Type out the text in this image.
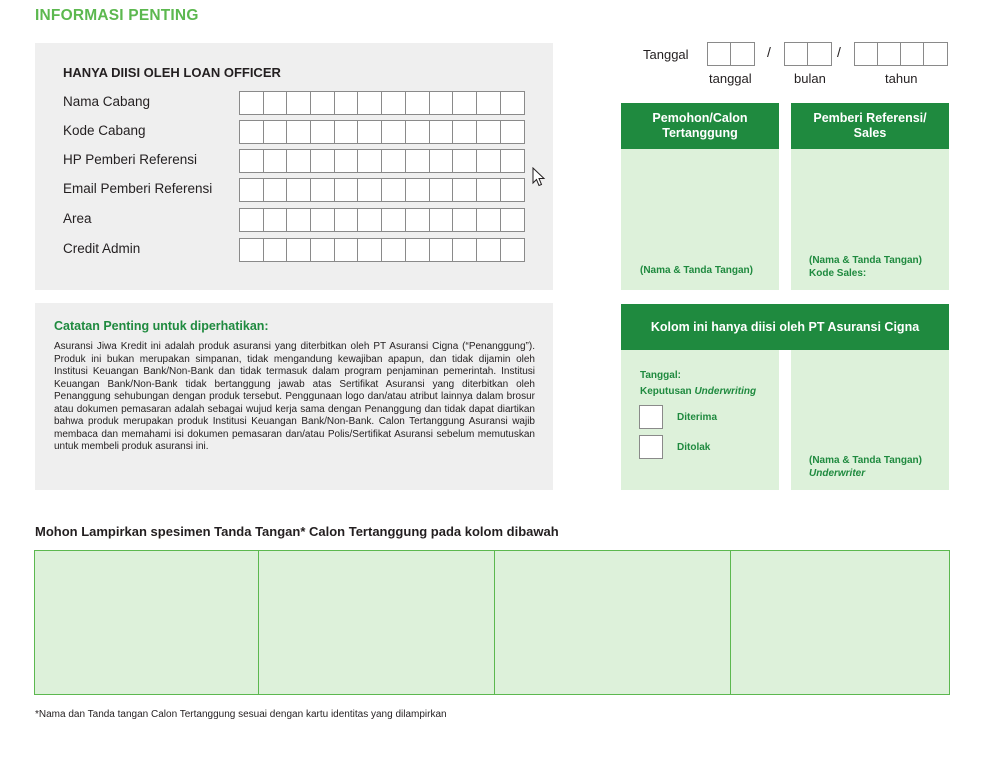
INFORMASI PENTING
HANYA DIISI OLEH LOAN OFFICER
Nama Cabang
Kode Cabang
HP Pemberi Referensi
Email Pemberi Referensi
Area
Credit Admin
Catatan Penting untuk diperhatikan:
Asuransi Jiwa Kredit ini adalah produk asuransi yang diterbitkan oleh PT Asuransi Cigna (“Penanggung”). Produk ini bukan merupakan simpanan, tidak mengandung kewajiban apapun, dan tidak dijamin oleh Institusi Keuangan Bank/Non-Bank dan tidak termasuk dalam program penjaminan pemerintah. Institusi Keuangan Bank/Non-Bank tidak bertanggung jawab atas Sertifikat Asuransi yang diterbitkan oleh Penanggung sehubungan dengan produk tersebut. Penggunaan logo dan/atau atribut lainnya dalam brosur atau dokumen pemasaran adalah sebagai wujud kerja sama dengan Penanggung dan tidak dapat diartikan bahwa produk merupakan produk Institusi Keuangan Bank/Non-Bank. Calon Tertanggung Asuransi wajib membaca dan memahami isi dokumen pemasaran dan/atau Polis/Sertifikat Asuransi sebelum memutuskan untuk membeli produk asuransi ini.
Tanggal	/	/
tanggal	bulan	tahun
Pemohon/Calon Tertanggung
(Nama & Tanda Tangan)
Pemberi Referensi/ Sales
(Nama & Tanda Tangan)
Kode Sales:
Kolom ini hanya diisi oleh PT Asuransi Cigna
Tanggal:
Keputusan Underwriting
Diterima
Ditolak
(Nama & Tanda Tangan)
Underwriter
Mohon Lampirkan spesimen Tanda Tangan* Calon Tertanggung pada kolom dibawah
*Nama dan Tanda tangan Calon Tertanggung sesuai dengan kartu identitas yang dilampirkan
